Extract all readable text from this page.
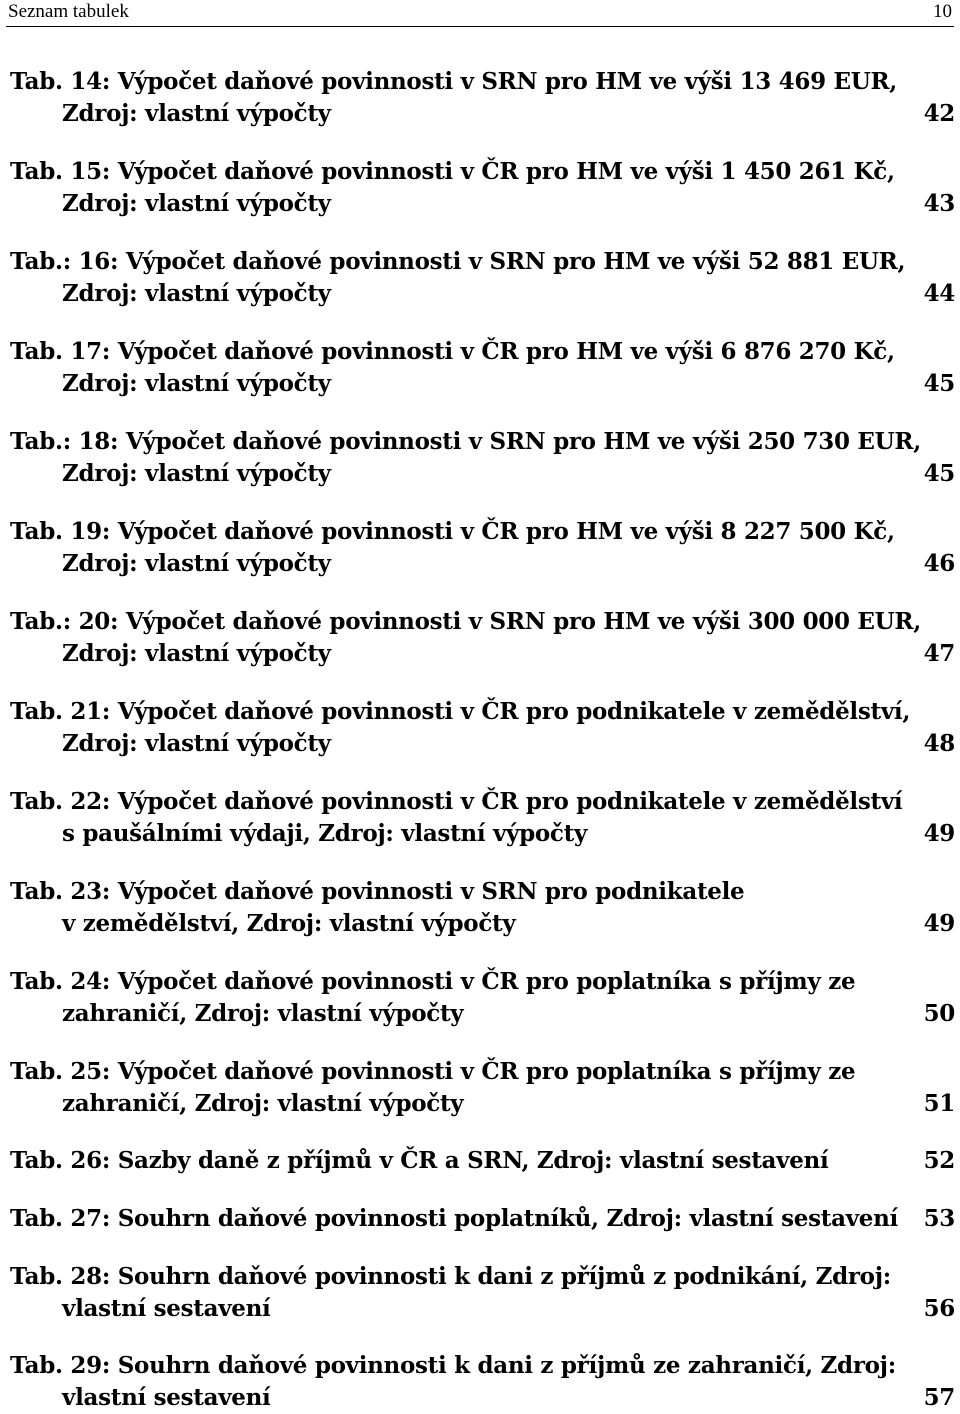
Seznam tabulek	10
Tab. 14: Výpočet daňové povinnosti v SRN pro HM ve výši 13 469 EUR,
Zdroj: vlastní výpočty	42
Tab. 15: Výpočet daňové povinnosti v ČR pro HM ve výši 1 450 261 Kč,
Zdroj: vlastní výpočty	43
Tab.: 16: Výpočet daňové povinnosti v SRN pro HM ve výši 52 881 EUR,
Zdroj: vlastní výpočty	44
Tab. 17: Výpočet daňové povinnosti v ČR pro HM ve výši 6 876 270 Kč,
Zdroj: vlastní výpočty	45
Tab.: 18: Výpočet daňové povinnosti v SRN pro HM ve výši 250 730 EUR,
Zdroj: vlastní výpočty	45
Tab. 19: Výpočet daňové povinnosti v ČR pro HM ve výši 8 227 500 Kč,
Zdroj: vlastní výpočty	46
Tab.: 20: Výpočet daňové povinnosti v SRN pro HM ve výši 300 000 EUR,
Zdroj: vlastní výpočty	47
Tab. 21: Výpočet daňové povinnosti v ČR pro podnikatele v zemědělství,
Zdroj: vlastní výpočty	48
Tab. 22: Výpočet daňové povinnosti v ČR pro podnikatele v zemědělství
s paušálními výdaji, Zdroj: vlastní výpočty	49
Tab. 23: Výpočet daňové povinnosti v SRN pro podnikatele
v zemědělství, Zdroj: vlastní výpočty	49
Tab. 24: Výpočet daňové povinnosti v ČR pro poplatníka s příjmy ze
zahraničí, Zdroj: vlastní výpočty	50
Tab. 25: Výpočet daňové povinnosti v ČR pro poplatníka s příjmy ze
zahraničí, Zdroj: vlastní výpočty	51
Tab. 26: Sazby daně z příjmů v ČR a SRN, Zdroj: vlastní sestavení	52
Tab. 27: Souhrn daňové povinnosti poplatníků, Zdroj: vlastní sestavení 53
Tab. 28: Souhrn daňové povinnosti k dani z příjmů z podnikání, Zdroj:
vlastní sestavení	56
Tab. 29: Souhrn daňové povinnosti k dani z příjmů ze zahraničí, Zdroj:
vlastní sestavení	57
